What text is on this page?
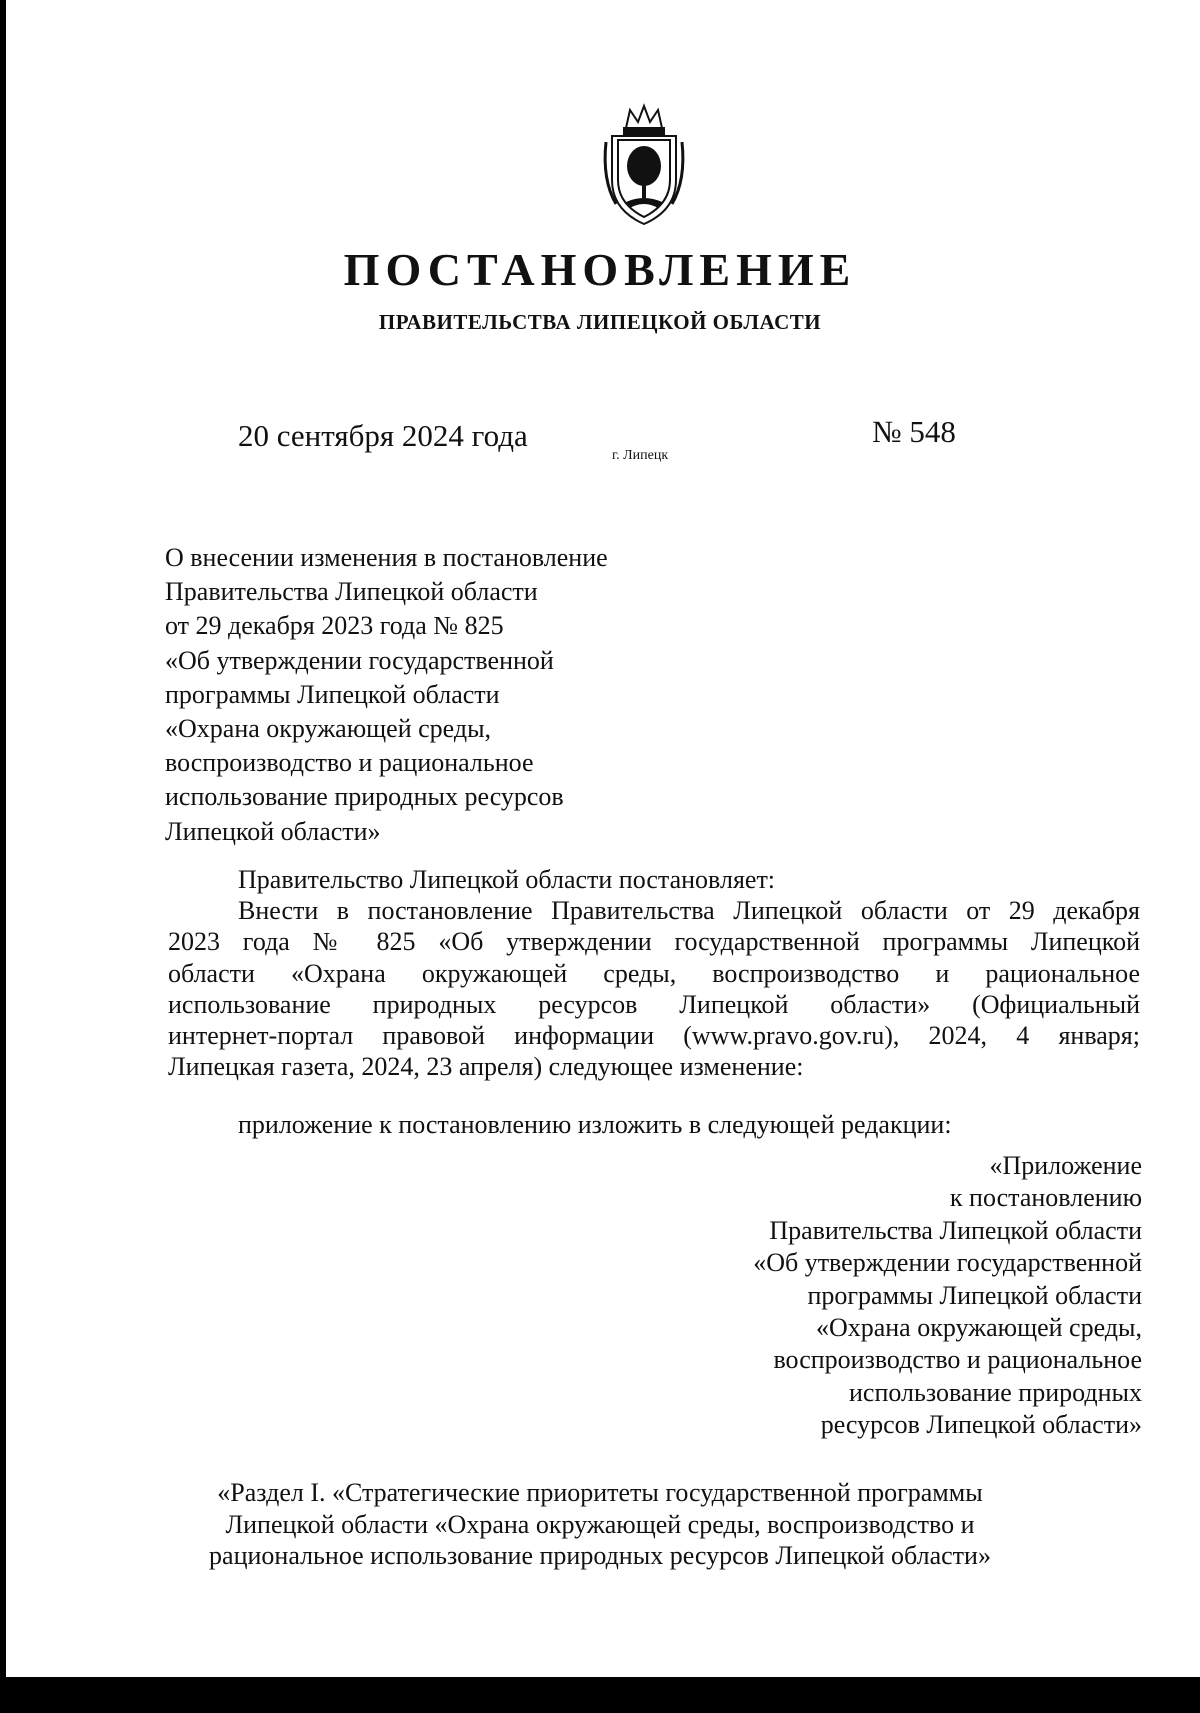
ПОСТАНОВЛЕНИЕ
ПРАВИТЕЛЬСТВА ЛИПЕЦКОЙ ОБЛАСТИ
20 сентября 2024 года
г. Липецк
№ 548
О внесении изменения в постановление
Правительства Липецкой области
от 29 декабря 2023 года № 825
«Об утверждении государственной
программы Липецкой области
«Охрана окружающей среды,
воспроизводство и рациональное
использование природных ресурсов
Липецкой области»
Правительство Липецкой области постановляет:
Внести в постановление Правительства Липецкой области от 29 декабря
2023 года № 825 «Об утверждении государственной программы Липецкой
области «Охрана окружающей среды, воспроизводство и рациональное
использование природных ресурсов Липецкой области» (Официальный
интернет-портал правовой информации (www.pravo.gov.ru), 2024, 4 января;
Липецкая газета, 2024, 23 апреля) следующее изменение:
приложение к постановлению изложить в следующей редакции:
«Приложение
к постановлению
Правительства Липецкой области
«Об утверждении государственной
программы Липецкой области
«Охрана окружающей среды,
воспроизводство и рациональное
использование природных
ресурсов Липецкой области»
«Раздел I. «Стратегические приоритеты государственной программы
Липецкой области «Охрана окружающей среды, воспроизводство и
рациональное использование природных ресурсов Липецкой области»
